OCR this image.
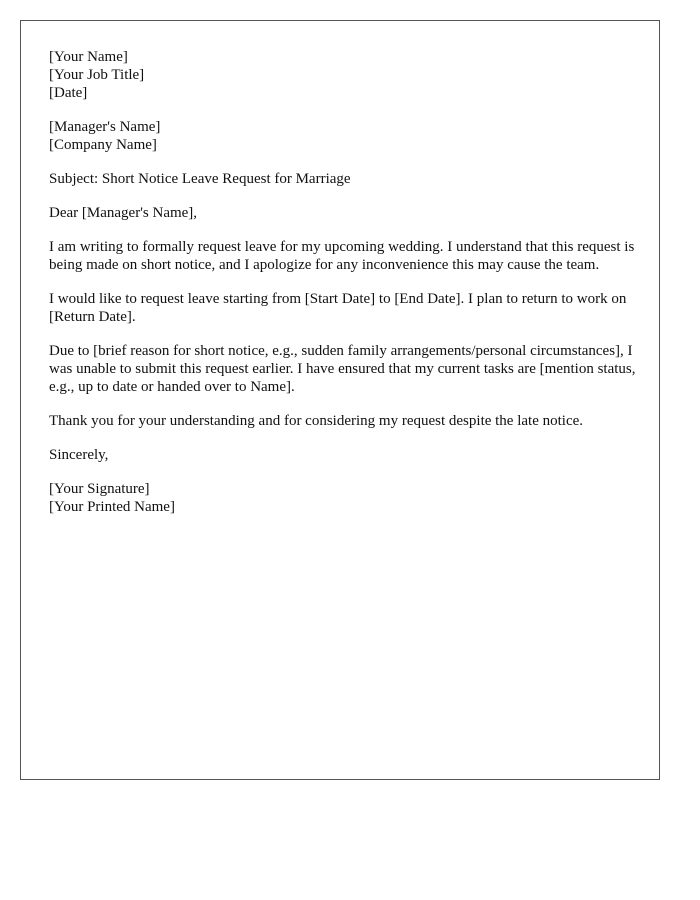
[Your Name]
[Your Job Title]
[Date]
[Manager's Name]
[Company Name]

Subject: Short Notice Leave Request for Marriage

Dear [Manager's Name],

I am writing to formally request leave for my upcoming wedding. I understand that this request is being made on short notice, and I apologize for any inconvenience this may cause the team.

I would like to request leave starting from [Start Date] to [End Date]. I plan to return to work on [Return Date].

Due to [brief reason for short notice, e.g., sudden family arrangements/personal circumstances], I was unable to submit this request earlier. I have ensured that my current tasks are [mention status, e.g., up to date or handed over to Name].

Thank you for your understanding and for considering my request despite the late notice.

Sincerely,

[Your Signature]
[Your Printed Name]
